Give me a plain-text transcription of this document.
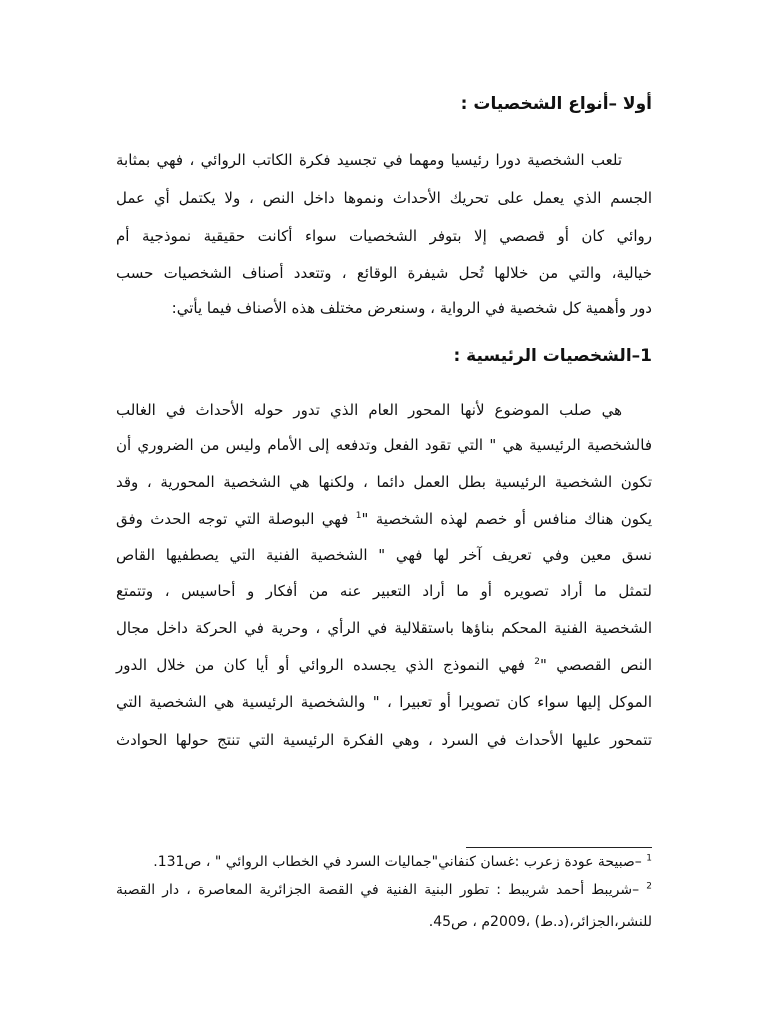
أولا –أنواع الشخصيات :
تلعب الشخصية دورا رئيسيا ومهما في تجسيد فكرة الكاتب الروائي ، فهي بمثابة
الجسم الذي يعمل على تحريك الأحداث ونموها داخل النص ، ولا يكتمل أي عمل
روائي كان أو قصصي إلا بتوفر الشخصيات سواء أكانت حقيقية نموذجية أم
خيالية، والتي من خلالها تُحل شيفرة الوقائع ، وتتعدد أصناف الشخصيات حسب
دور وأهمية كل شخصية في الرواية ، وسنعرض مختلف هذه الأصناف فيما يأتي:
1–الشخصيات الرئيسية :
هي صلب الموضوع لأنها المحور العام الذي تدور حوله الأحداث في الغالب
فالشخصية الرئيسية هي " التي تقود الفعل وتدفعه إلى الأمام وليس من الضروري أن
تكون الشخصية الرئيسية بطل العمل دائما ، ولكنها هي الشخصية المحورية ، وقد
يكون هناك منافس أو خصم لهذه الشخصية "$^1$ فهي البوصلة التي توجه الحدث وفق
نسق معين وفي تعريف آخر لها فهي " الشخصية الفنية التي يصطفيها القاص
لتمثل ما أراد تصويره أو ما أراد التعبير عنه من أفكار و أحاسيس ، وتتمتع
الشخصية الفنية المحكم بناؤها باستقلالية في الرأي ، وحرية في الحركة داخل مجال
النص القصصي "$^2$ فهي النموذج الذي يجسده الروائي أو أيا كان من خلال الدور
الموكل إليها سواء كان تصويرا أو تعبيرا ، " والشخصية الرئيسية هي الشخصية التي
تتمحور عليها الأحداث في السرد ، وهي الفكرة الرئيسية التي تنتج حولها الحوادث
$^1$ –صبيحة عودة زعرب :غسان كنفاني"جماليات السرد في الخطاب الروائي " ، ص131.
$^2$ –شريبط أحمد شريبط : تطور البنية الفنية في القصة الجزائرية المعاصرة ، دار القصبة
للنشر،الجزائر،(د.ط) ،2009م ، ص45.
